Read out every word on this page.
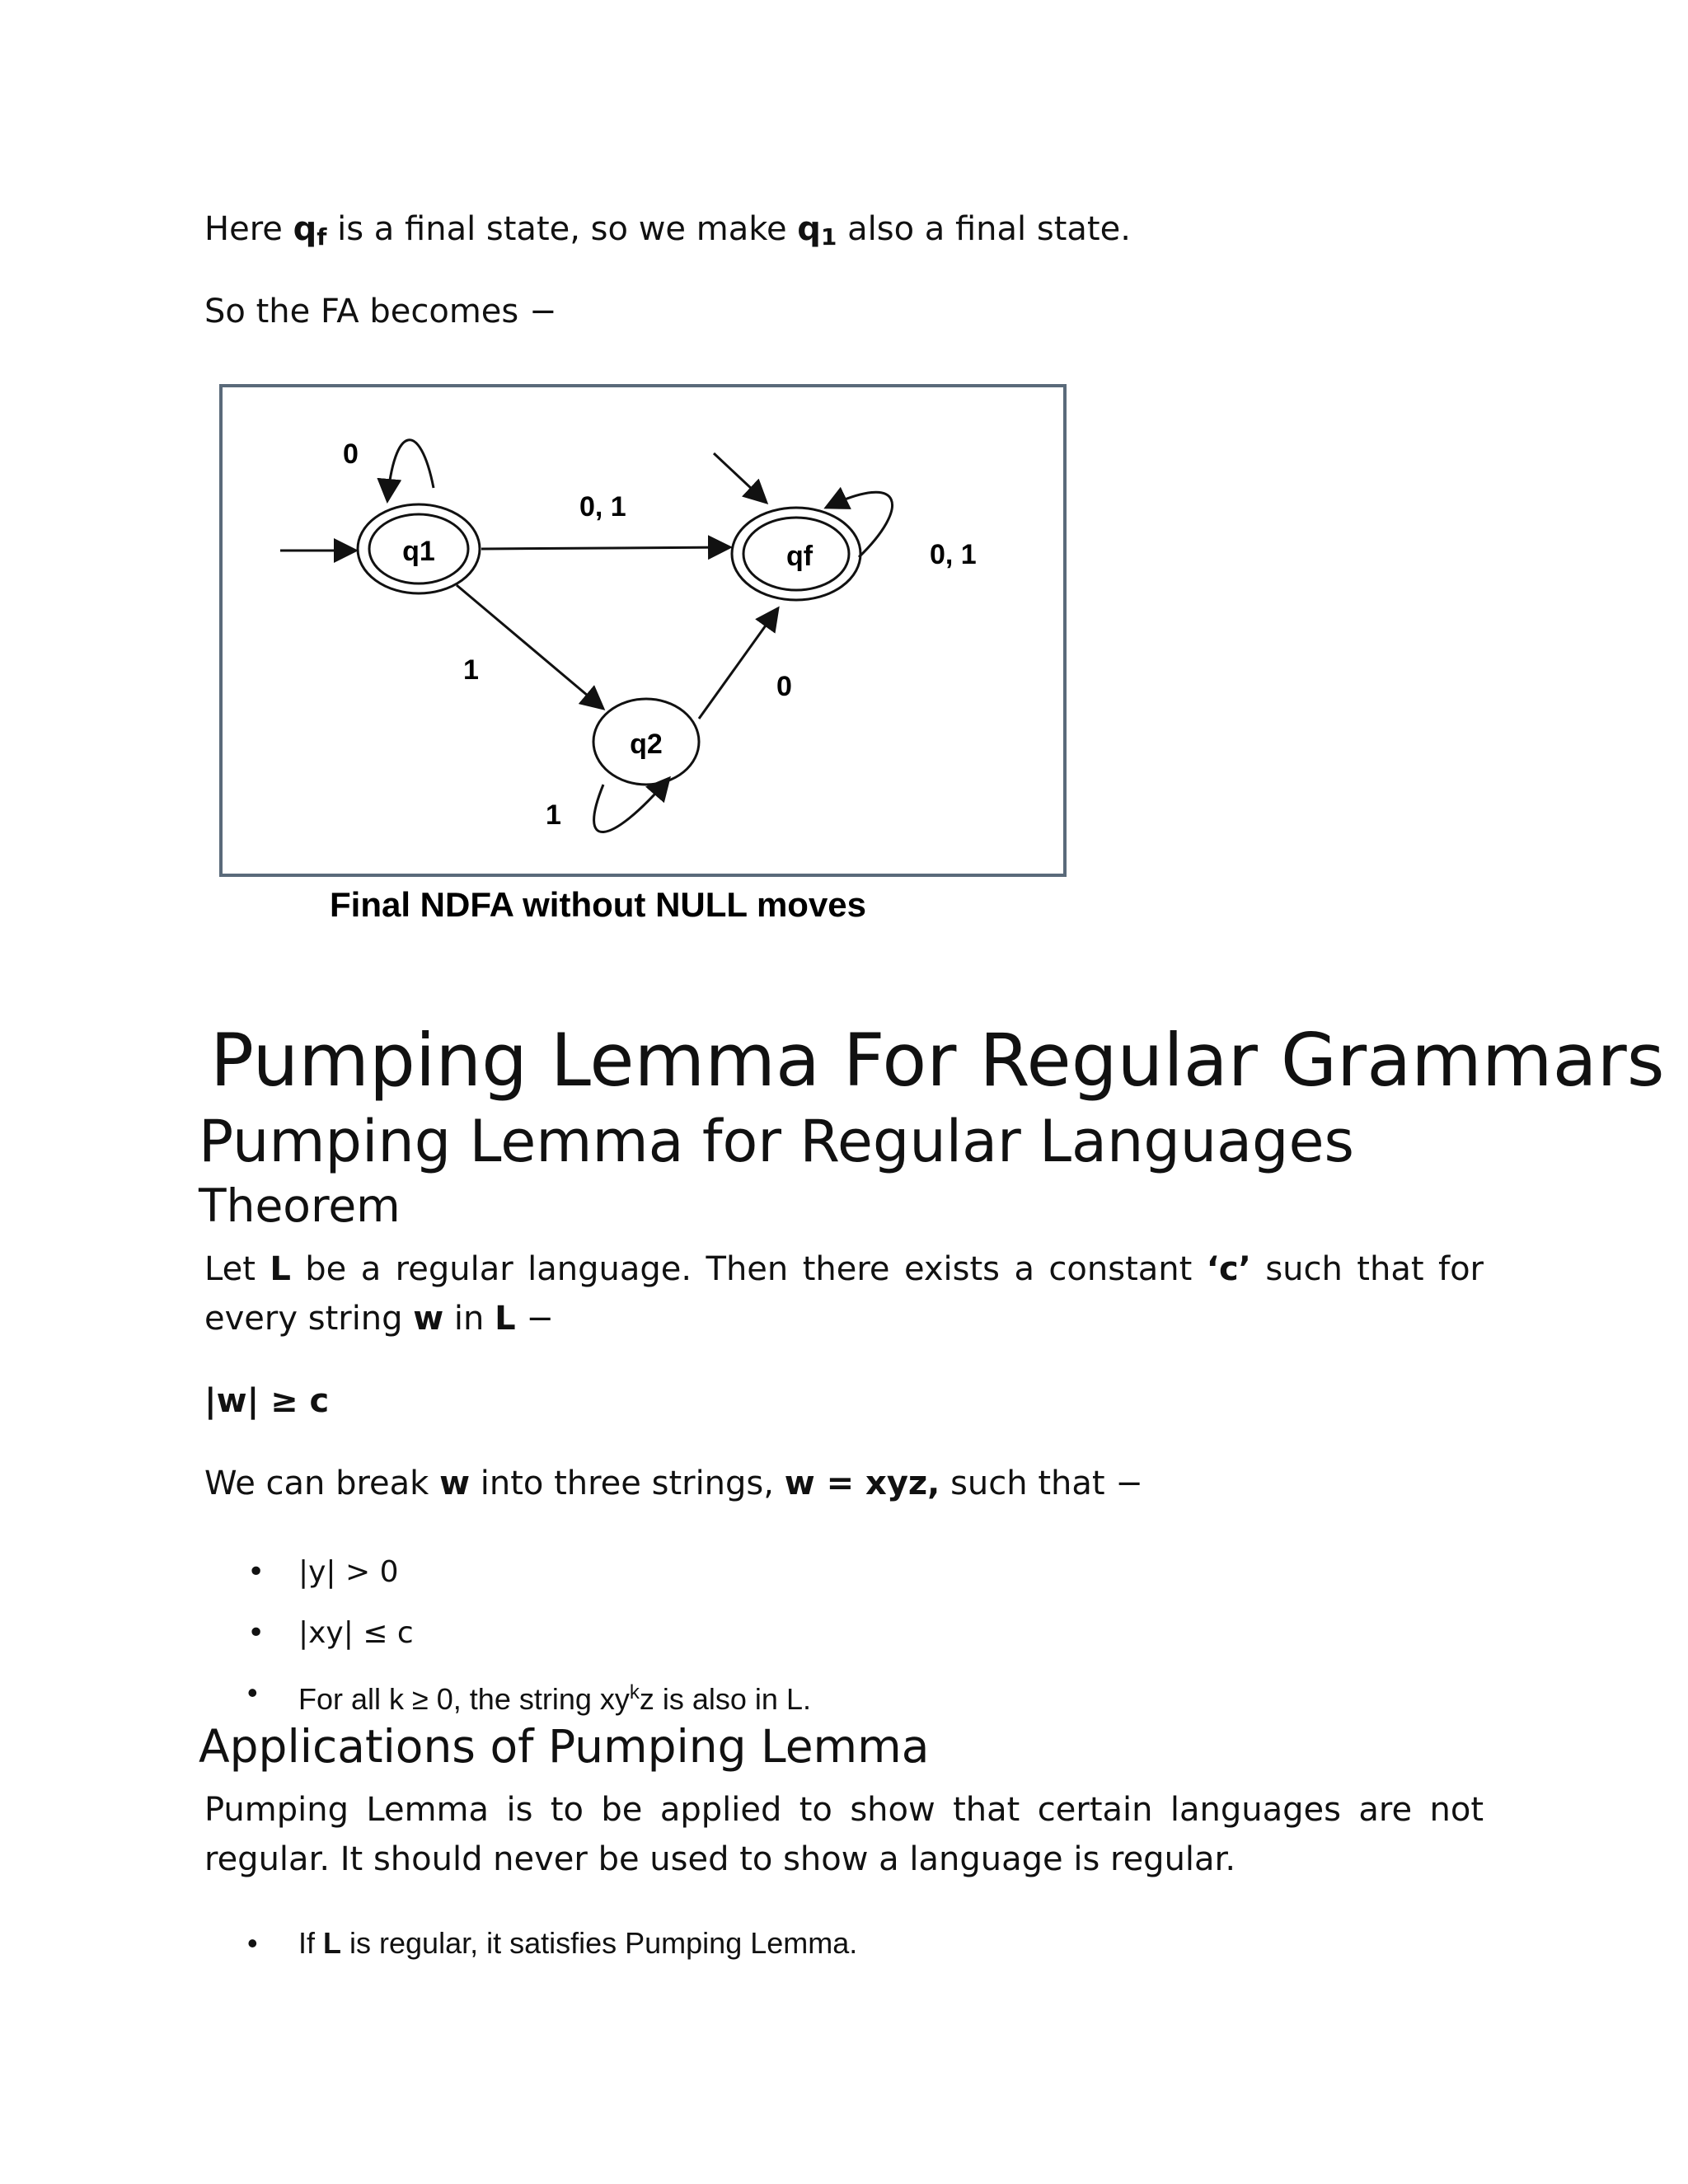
Here $q_f$ is a final state, so we make $q_1$ also a final state.

So the FA becomes −

q1	qf
q2
0
0, 1
0, 1
1
0
1
Final NDFA without NULL moves
Pumping Lemma For Regular Grammars
Pumping Lemma for Regular Languages
Theorem

Let L be a regular language. Then there exists a constant ‘c’ such that for every string w in L −

|w| ≥ c

We can break w into three strings, w = xyz, such that −

• |y| > 0
• |xy| ≤ c
• For all k ≥ 0, the string $xy^kz$ is also in L.
Applications of Pumping Lemma

Pumping Lemma is to be applied to show that certain languages are not regular. It should never be used to show a language is regular.

• If L is regular, it satisfies Pumping Lemma.
